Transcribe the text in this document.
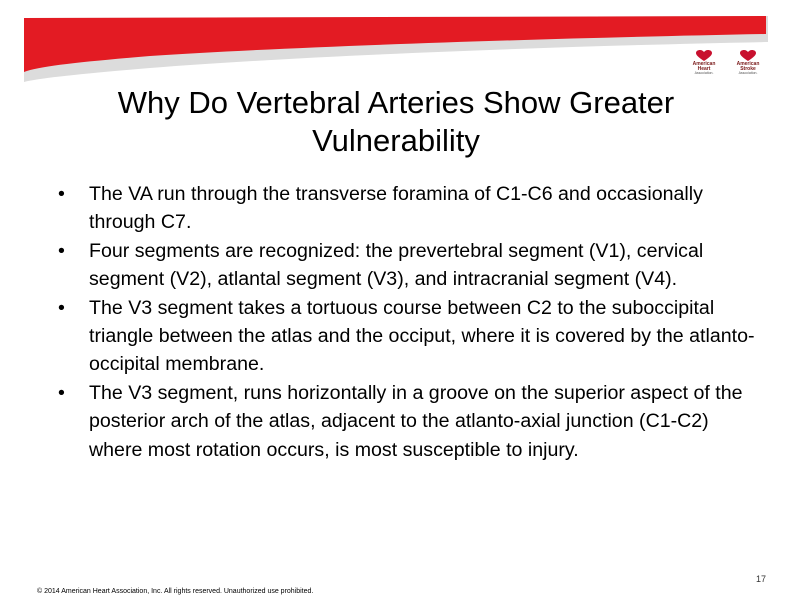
American
Heart
Association.
American
Stroke
Association.
Why Do Vertebral Arteries Show Greater
Vulnerability
• The VA run through the transverse foramina of C1-C6 and occasionally through C7.
• Four segments are recognized: the prevertebral segment (V1), cervical segment (V2), atlantal segment (V3), and intracranial segment (V4).
• The V3 segment takes a tortuous course between C2 to the suboccipital triangle between the atlas and the occiput, where it is covered by the atlanto-occipital membrane.
• The V3 segment, runs horizontally in a groove on the superior aspect of the posterior arch of the atlas, adjacent to the atlanto-axial junction (C1-C2) where most rotation occurs, is most susceptible to injury.
17
© 2014 American Heart Association, Inc. All rights reserved. Unauthorized use prohibited.
